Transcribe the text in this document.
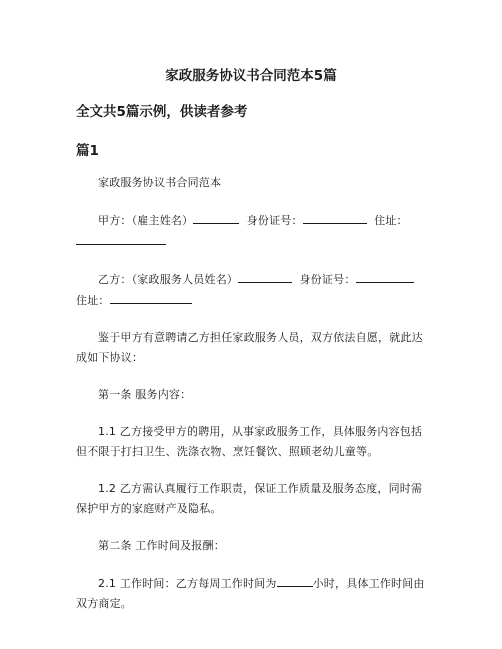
家政服务协议书合同范本5篇
全文共5篇示例，供读者参考
篇1

家政服务协议书合同范本

甲方：（雇主姓名）	身份证号：	住址：

乙方：（家政服务人员姓名）	身份证号：
住址：

鉴于甲方有意聘请乙方担任家政服务人员，双方依法自愿，就此达成如下协议：

第一条 服务内容：

1.1 乙方接受甲方的聘用，从事家政服务工作，具体服务内容包括但不限于打扫卫生、洗涤衣物、烹饪餐饮、照顾老幼儿童等。

1.2 乙方需认真履行工作职责，保证工作质量及服务态度，同时需保护甲方的家庭财产及隐私。

第二条 工作时间及报酬：

2.1 工作时间：乙方每周工作时间为	小时，具体工作时间由双方商定。
